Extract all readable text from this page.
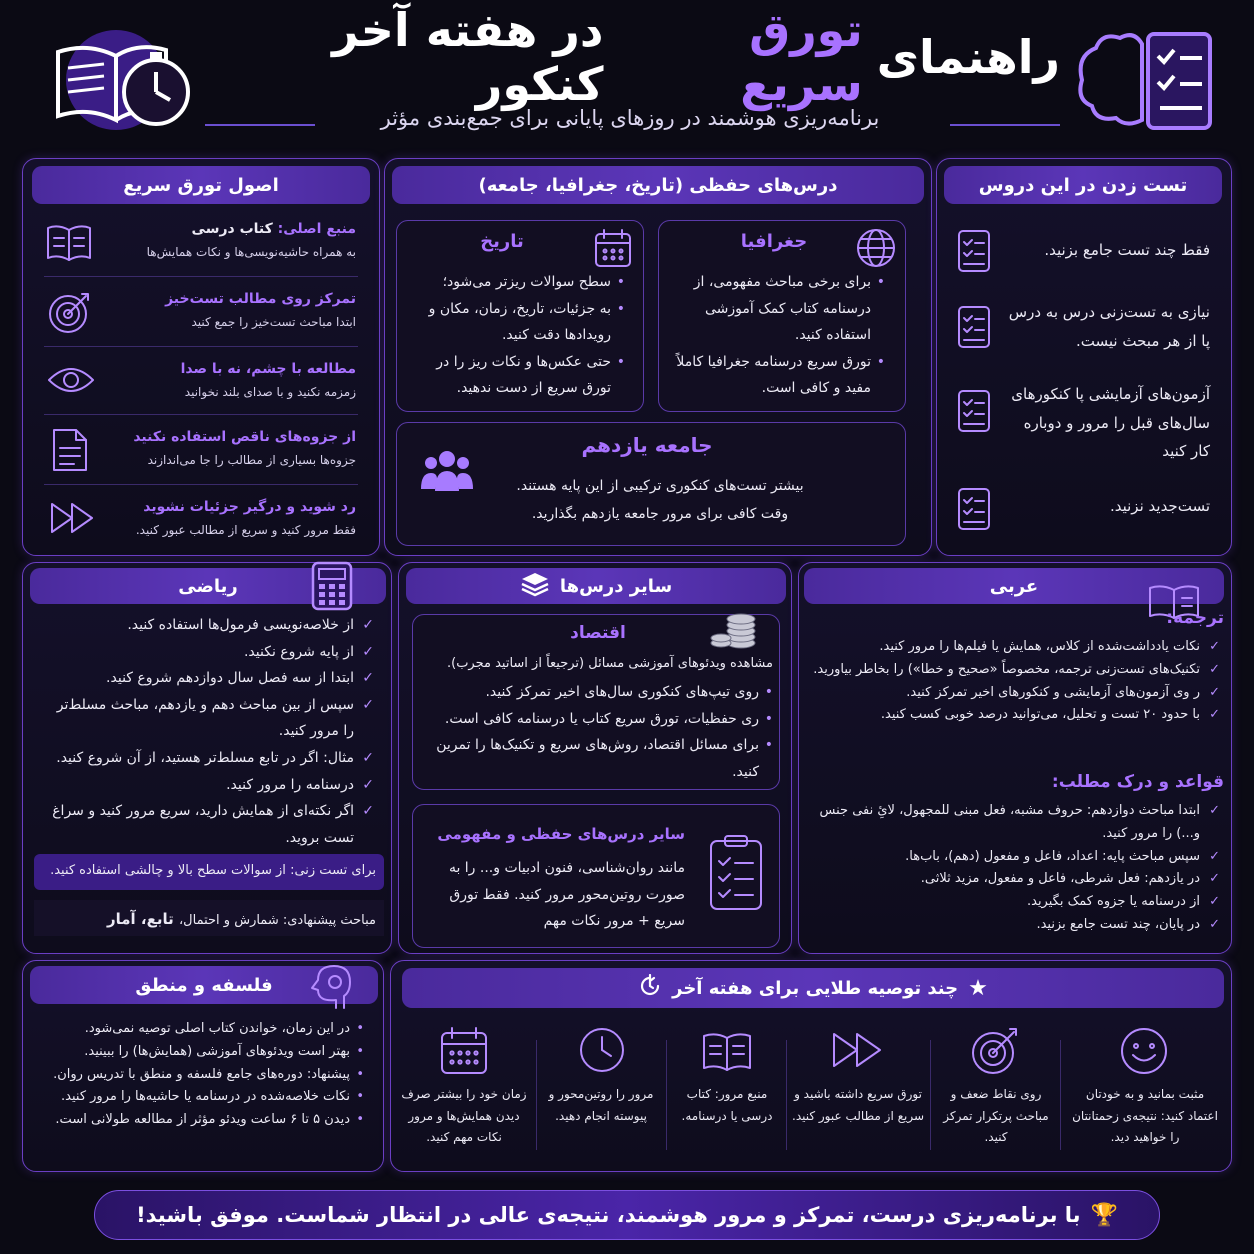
راهنمای
تورق سریع
در هفته آخر کنکور
برنامه‌ریزی هوشمند در روزهای پایانی برای جمع‌بندی مؤثر
اصول تورق سریع
منبع اصلی: کتاب درسی
به همراه حاشیه‌نویسی‌ها و نکات همایش‌ها
تمرکز روی مطالب تست‌خیز
ابتدا مباحث تست‌خیز را جمع کنید
مطالعه با چشم، نه با صدا
زمزمه نکنید و با صدای بلند نخوانید
از جزوه‌های ناقص استفاده نکنید
جزوه‌ها بسیاری از مطالب را جا می‌اندازند
رد شوید و درگیر جزئیات نشوید
فقط مرور کنید و سریع از مطالب عبور کنید.
درس‌های حفظی (تاریخ، جغرافیا، جامعه)
جغرافیا
• برای برخی مباحث مفهومی، از درسنامه کتاب کمک آموزشی استفاده کنید.
• تورق سریع درسنامه جغرافیا کاملاً مفید و کافی است.
تاریخ
• سطح سوالات ریزتر می‌شود؛
• به جزئیات، تاریخ، زمان، مکان و رویدادها دقت کنید.
• حتی عکس‌ها و نکات ریز را در تورق سریع از دست ندهید.
جامعه یازدهم
بیشتر تست‌های کنکوری ترکیبی از این پایه هستند.
وقت کافی برای مرور جامعه یازدهم بگذارید.
تست زدن در این دروس
فقط چند تست جامع بزنید.
نیازی به تست‌زنی درس به درس پا از هر مبحث نیست.
آزمون‌های آزمایشی پا کنکورهای سال‌های قبل را مرور و دوباره کار کنید
تست‌جدید نزنید.
ریاضی
✓ از خلاصه‌نویسی فرمول‌ها استفاده کنید.
✓ از پایه شروع نکنید.
✓ ابتدا از سه فصل سال دوازدهم شروع کنید.
✓ سپس از بین مباحث دهم و یازدهم، مباحث مسلط‌تر را مرور کنید.
✓ مثال: اگر در تابع مسلط‌تر هستید، از آن شروع کنید.
✓ درسنامه را مرور کنید.
✓ اگر نکته‌ای از همایش دارید، سریع مرور کنید و سراغ تست بروید.
برای تست زنی: از سوالات سطح بالا و چالشی استفاده کنید.
مباحث پیشنهادی: شمارش و احتمال، تابع، آمار
سایر درس‌ها
اقتصاد
مشاهده ویدئوهای آموزشی مسائل (ترجیعاً از اساتید مجرب).
• روی تیپ‌های کنکوری سال‌های اخیر تمرکز کنید.
• ری حفظیات، تورق سریع کتاب یا درسنامه کافی است.
• برای مسائل اقتصاد، روش‌های سریع و تکنیک‌ها را تمرین کنید.
سایر درس‌های حفظی و مفهومی
مانند روان‌شناسی، فنون ادبیات و... را به صورت روتین‌محور مرور کنید. فقط تورق سریع + مرور نکات مهم
عربی
ترجمه:
✓ نکات یادداشت‌شده از کلاس، همایش یا فیلم‌ها را مرور کنید.
✓ تکنیک‌های تست‌زنی ترجمه، مخصوصاً «صحیح و خطا») را بخاطر بیاورید.
✓ ر وی آزمون‌های آزمایشی و کنکورهای اخیر تمرکز کنید.
✓ با حدود ۲۰ تست و تحلیل، می‌توانید درصد خوبی کسب کنید.
قواعد و درک مطلب:
✓ ابتدا مباحث دوازدهم: حروف مشبه، فعل مبنی للمجهول، لائِ نفی جنس و...) را مرور کنید.
✓ سپس مباحث پایه: اعداد، فاعل و مفعول (دهم)، باب‌ها.
✓ در یازدهم: فعل شرطی، فاعل و مفعول، مزید ثلاثی.
✓ از درسنامه یا جزوه کمک بگیرید.
✓ در پایان، چند تست جامع بزنید.
فلسفه و منطق
• در این زمان، خواندن کتاب اصلی توصیه نمی‌شود.
• بهتر است ویدئوهای آموزشی (همایش‌ها) را ببینید.
• پیشنهاد: دوره‌های جامع فلسفه و منطق با تدریس روان.
• نکات خلاصه‌شده در درسنامه یا حاشیه‌ها را مرور کنید.
• دیدن ۵ تا ۶ ساعت ویدئو مؤثر از مطالعه طولانی است.
★
چند توصیه طلایی برای هفته آخر
مثبت بمانید و به خودتان اعتماد کنید: نتیجه‌ی زحمتانتان را خواهید دید.
روی نقاط ضعف و مباحث پرتکرار تمرکز کنید.
تورق سریع داشته باشید و سریع از مطالب عبور کنید.
منبع مرور: کتاب درسی یا درسنامه.
مرور را روتین‌محور و پیوسته انجام دهید.
زمان خود را بیشتر صرف دیدن همایش‌ها و مرور نکات مهم کنید.
🏆
با برنامه‌ریزی درست، تمرکز و مرور هوشمند، نتیجه‌ی عالی در انتظار شماست. موفق باشید!
